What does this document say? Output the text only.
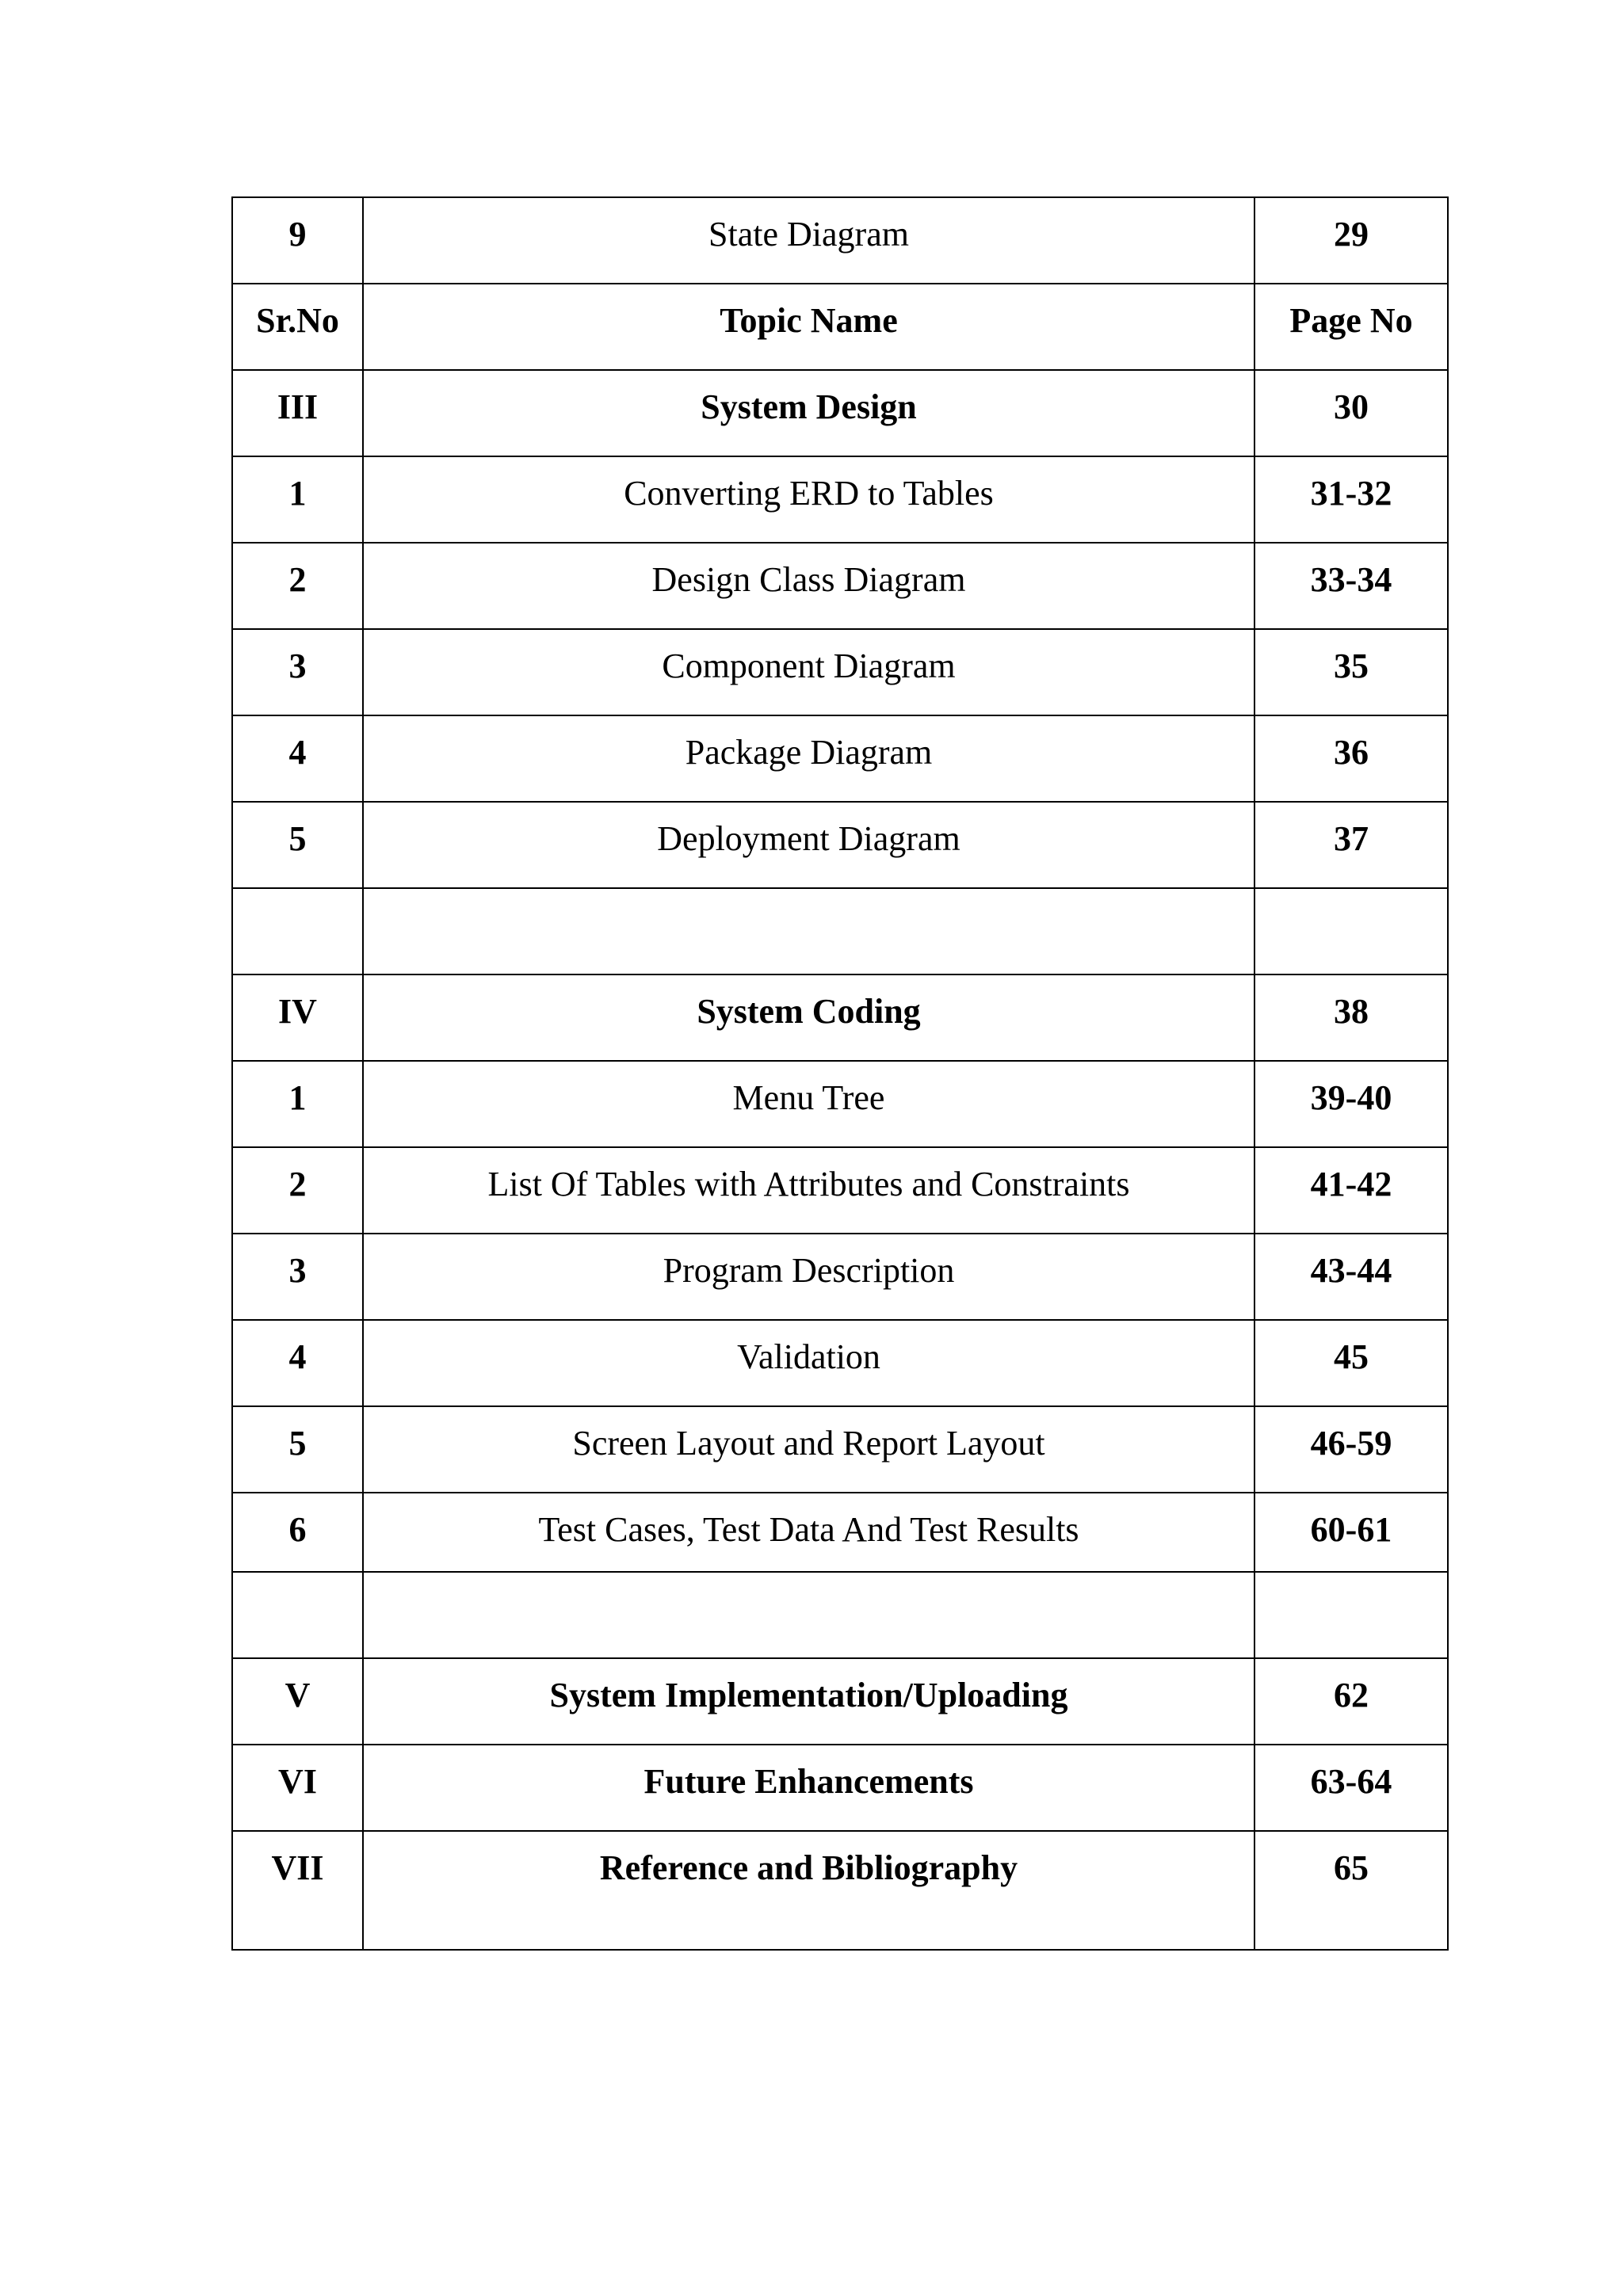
9	State Diagram	29
Sr.No	Topic Name	Page No
III	System Design	30
1	Converting ERD to Tables	31-32
2	Design Class Diagram	33-34
3	Component Diagram	35
4	Package Diagram	36
5	Deployment Diagram	37

IV	System Coding	38
1	Menu Tree	39-40
2	List Of Tables with Attributes and Constraints	41-42
3	Program Description	43-44
4	Validation	45
5	Screen Layout and Report Layout	46-59
6	Test Cases, Test Data And Test Results	60-61

V	System Implementation/Uploading	62
VI	Future Enhancements	63-64
VII	Reference and Bibliography	65
